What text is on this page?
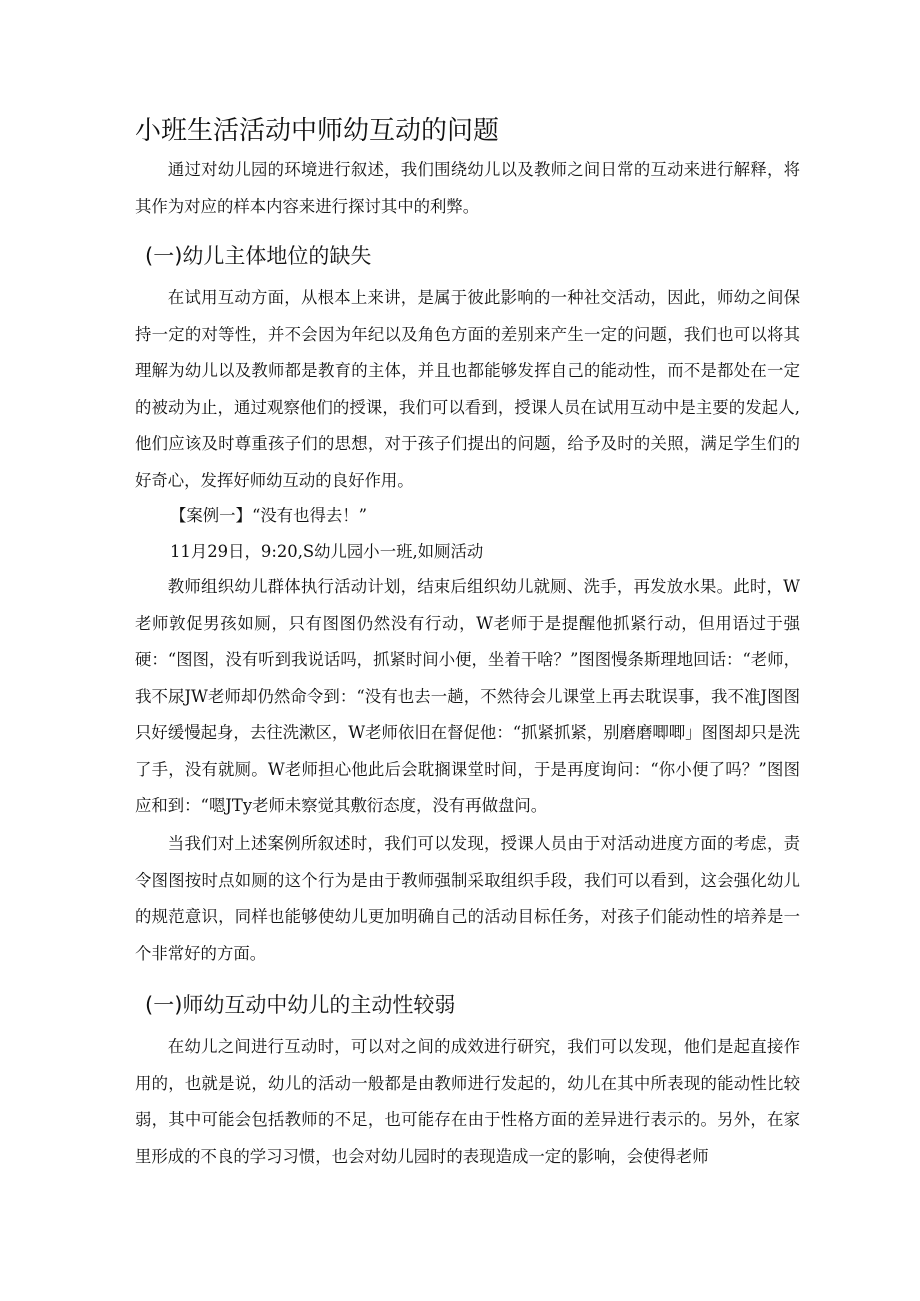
小班生活活动中师幼互动的问题

通过对幼儿园的环境进行叙述，我们围绕幼儿以及教师之间日常的互动来进行解释，将其作为对应的样本内容来进行探讨其中的利弊。

(一)幼儿主体地位的缺失

在试用互动方面，从根本上来讲，是属于彼此影响的一种社交活动，因此，师幼之间保持一定的对等性，并不会因为年纪以及角色方面的差别来产生一定的问题，我们也可以将其理解为幼儿以及教师都是教育的主体，并且也都能够发挥自己的能动性，而不是都处在一定的被动为止，通过观察他们的授课，我们可以看到，授课人员在试用互动中是主要的发起人,他们应该及时尊重孩子们的思想，对于孩子们提出的问题，给予及时的关照，满足学生们的好奇心，发挥好师幼互动的良好作用。

【案例一】“没有也得去！”

11月29日，9:20,S幼儿园小一班,如厕活动

教师组织幼儿群体执行活动计划，结束后组织幼儿就厕、洗手，再发放水果。此时，W老师敦促男孩如厕，只有图图仍然没有行动，W老师于是提醒他抓紧行动，但用语过于强硬：“图图，没有听到我说话吗，抓紧时间小便，坐着干啥？”图图慢条斯理地回话：“老师，我不尿JW老师却仍然命令到：“没有也去一趟，不然待会儿课堂上再去耽误事，我不准J图图只好缓慢起身，去往洗漱区，W老师依旧在督促他：“抓紧抓紧，别磨磨唧唧」图图却只是洗了手，没有就厕。W老师担心他此后会耽搁课堂时间，于是再度询问：“你小便了吗？”图图应和到：“嗯JTy老师未察觉其敷衍态度，没有再做盘问。

当我们对上述案例所叙述时，我们可以发现，授课人员由于对活动进度方面的考虑，责令图图按时点如厕的这个行为是由于教师强制采取组织手段，我们可以看到，这会强化幼儿的规范意识，同样也能够使幼儿更加明确自己的活动目标任务，对孩子们能动性的培养是一个非常好的方面。

(一)师幼互动中幼儿的主动性较弱

在幼儿之间进行互动时，可以对之间的成效进行研究，我们可以发现，他们是起直接作用的，也就是说，幼儿的活动一般都是由教师进行发起的，幼儿在其中所表现的能动性比较弱，其中可能会包括教师的不足，也可能存在由于性格方面的差异进行表示的。另外，在家里形成的不良的学习习惯，也会对幼儿园时的表现造成一定的影响，会使得老师
